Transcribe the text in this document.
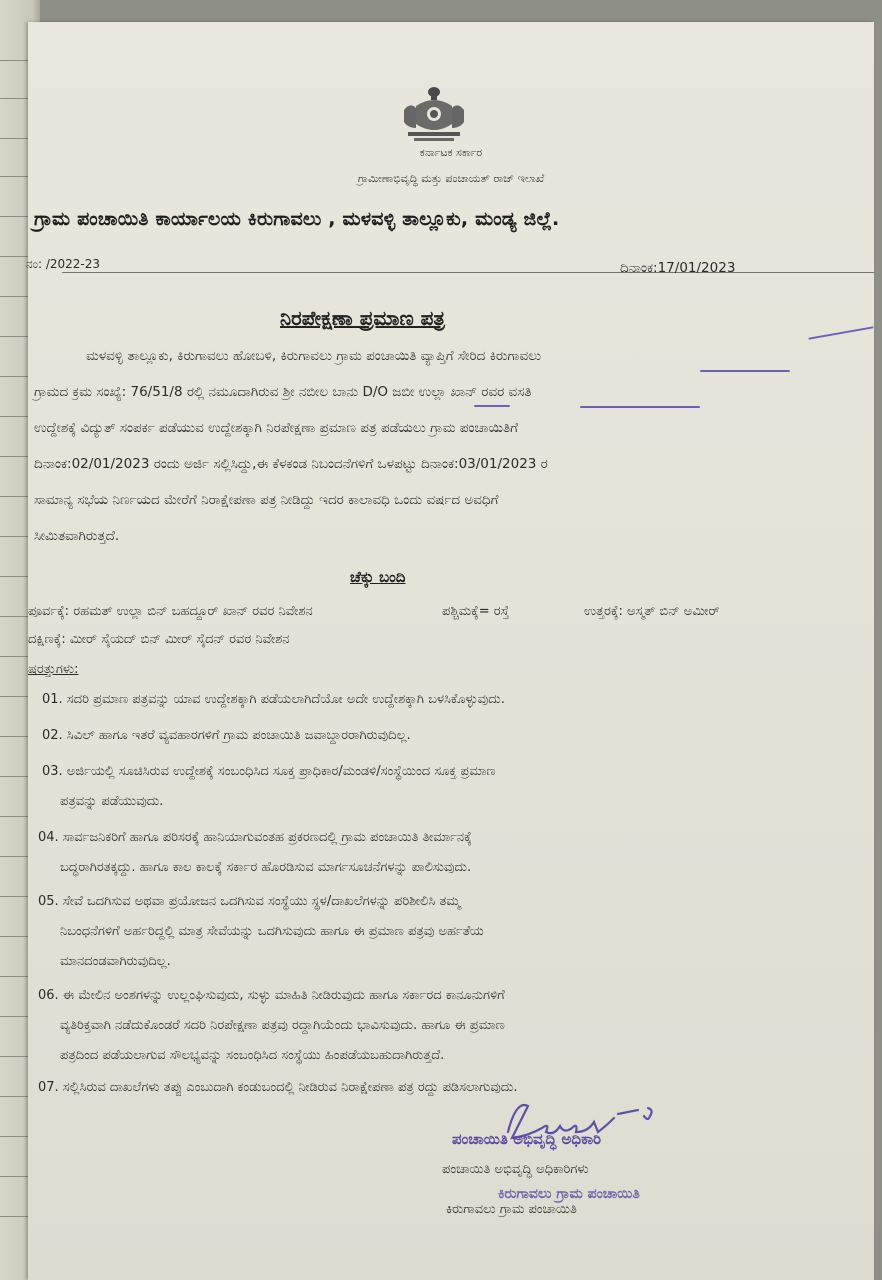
ಕರ್ನಾಟಕ ಸರ್ಕಾರ
ಗ್ರಾಮೀಣಾಭಿವೃದ್ಧಿ ಮತ್ತು ಪಂಚಾಯತ್ ರಾಜ್ ಇಲಾಖೆ
ಗ್ರಾಮ ಪಂಚಾಯಿತಿ ಕಾರ್ಯಾಲಯ ಕಿರುಗಾವಲು , ಮಳವಳ್ಳಿ ತಾಲ್ಲೂಕು, ಮಂಡ್ಯ ಜಿಲ್ಲೆ.
ನಂ: /2022-23	ದಿನಾಂಕ:17/01/2023
ನಿರಪೇಕ್ಷಣಾ ಪ್ರಮಾಣ ಪತ್ರ
ಮಳವಳ್ಳಿ ತಾಲ್ಲೂಕು, ಕಿರುಗಾವಲು ಹೋಬಳಿ, ಕಿರುಗಾವಲು ಗ್ರಾಮ ಪಂಚಾಯಿತಿ ವ್ಯಾಪ್ತಿಗೆ ಸೇರಿದ ಕಿರುಗಾವಲು
ಗ್ರಾಮದ ಕ್ರಮ ಸಂಖ್ಯೆ: 76/51/8 ರಲ್ಲಿ ನಮೂದಾಗಿರುವ ಶ್ರೀ ನಬೀಲ ಬಾನು D/O ಜಬೀ ಉಲ್ಲಾ ಖಾನ್ ರವರ ವಸತಿ
ಉದ್ದೇಶಕ್ಕೆ ವಿದ್ಯುತ್ ಸಂಪರ್ಕ ಪಡೆಯುವ ಉದ್ದೇಶಕ್ಕಾಗಿ ನಿರಪೇಕ್ಷಣಾ ಪ್ರಮಾಣ ಪತ್ರ ಪಡೆಯಲು ಗ್ರಾಮ ಪಂಚಾಯಿತಿಗೆ
ದಿನಾಂಕ:02/01/2023 ರಂದು ಅರ್ಜಿ ಸಲ್ಲಿಸಿದ್ದು,ಈ ಕೆಳಕಂಡ ನಿಬಂದನೆಗಳಿಗೆ ಒಳಪಟ್ಟು ದಿನಾಂಕ:03/01/2023 ರ
ಸಾಮಾನ್ಯ ಸಭೆಯ ನಿರ್ಣಯದ ಮೇರೆಗೆ ನಿರಾಕ್ಷೇಪಣಾ ಪತ್ರ ನೀಡಿದ್ದು ಇದರ ಕಾಲಾವಧಿ ಒಂದು ವರ್ಷದ ಅವಧಿಗೆ
ಸೀಮಿತವಾಗಿರುತ್ತದೆ.
ಚೆಕ್ಕು ಬಂದಿ
ಪೂರ್ವಕ್ಕೆ: ರಹಮತ್ ಉಲ್ಲಾ ಬಿನ್ ಬಹದ್ದೂರ್ ಖಾನ್ ರವರ ನಿವೇಶನ	ಪಶ್ಚಿಮಕ್ಕೆ= ರಸ್ತೆ	ಉತ್ತರಕ್ಕೆ: ಅಸ್ಮತ್ ಬಿನ್ ಅಮೀರ್
ದಕ್ಷಿಣಕ್ಕೆ: ಮೀರ್ ಸೈಯದ್ ಬಿನ್ ಮೀರ್ ಸೈದನ್ ರವರ ನಿವೇಶನ
ಷರತ್ತುಗಳು:
01. ಸದರಿ ಪ್ರಮಾಣ ಪತ್ರವನ್ನು ಯಾವ ಉದ್ದೇಶಕ್ಕಾಗಿ ಪಡೆಯಲಾಗಿದೆಯೋ ಅದೇ ಉದ್ದೇಶಕ್ಕಾಗಿ ಬಳಸಿಕೊಳ್ಳುವುದು.
02. ಸಿವಿಲ್ ಹಾಗೂ ಇತರೆ ವ್ಯವಹಾರಗಳಿಗೆ ಗ್ರಾಮ ಪಂಚಾಯಿತಿ ಜವಾಬ್ದಾರರಾಗಿರುವುದಿಲ್ಲ.
03. ಅರ್ಜಿಯಲ್ಲಿ ಸೂಚಿಸಿರುವ ಉದ್ದೇಶಕ್ಕೆ ಸಂಬಂಧಿಸಿದ ಸೂಕ್ತ ಪ್ರಾಧಿಕಾರ/ಮಂಡಳಿ/ಸಂಸ್ಥೆಯಿಂದ ಸೂಕ್ತ ಪ್ರಮಾಣ
ಪತ್ರವನ್ನು ಪಡೆಯುವುದು.
04. ಸಾರ್ವಜನಿಕರಿಗೆ ಹಾಗೂ ಪರಿಸರಕ್ಕೆ ಹಾನಿಯಾಗುವಂತಹ ಪ್ರಕರಣದಲ್ಲಿ ಗ್ರಾಮ ಪಂಚಾಯಿತಿ ತೀರ್ಮಾನಕ್ಕೆ
ಬದ್ಧರಾಗಿರತಕ್ಕದ್ದು. ಹಾಗೂ ಕಾಲ ಕಾಲಕ್ಕೆ ಸರ್ಕಾರ ಹೊರಡಿಸುವ ಮಾರ್ಗಸೂಚನೆಗಳನ್ನು ಪಾಲಿಸುವುದು.
05. ಸೇವೆ ಒದಗಿಸುವ ಅಥವಾ ಪ್ರಯೋಜನ ಒದಗಿಸುವ ಸಂಸ್ಥೆಯು ಸ್ಥಳ/ದಾಖಲೆಗಳನ್ನು ಪರಿಶೀಲಿಸಿ ತಮ್ಮ
ನಿಬಂಧನೆಗಳಿಗೆ ಅರ್ಹರಿದ್ದಲ್ಲಿ ಮಾತ್ರ ಸೇವೆಯನ್ನು ಒದಗಿಸುವುದು ಹಾಗೂ ಈ ಪ್ರಮಾಣ ಪತ್ರವು ಅರ್ಹತೆಯ
ಮಾನದಂಡವಾಗಿರುವುದಿಲ್ಲ.
06. ಈ ಮೇಲಿನ ಅಂಶಗಳನ್ನು ಉಲ್ಲಂಘಿಸುವುದು, ಸುಳ್ಳು ಮಾಹಿತಿ ನೀಡಿರುವುದು ಹಾಗೂ ಸರ್ಕಾರದ ಕಾನೂನುಗಳಿಗೆ
ವ್ಯತಿರಿಕ್ತವಾಗಿ ನಡೆದುಕೊಂಡರೆ ಸದರಿ ನಿರಪೇಕ್ಷಣಾ ಪತ್ರವು ರದ್ದಾಗಿಯೆಂದು ಭಾವಿಸುವುದು. ಹಾಗೂ ಈ ಪ್ರಮಾಣ
ಪತ್ರದಿಂದ ಪಡೆಯಲಾಗುವ ಸೌಲಭ್ಯವನ್ನು ಸಂಬಂಧಿಸಿದ ಸಂಸ್ಥೆಯು ಹಿಂಪಡೆಯಬಹುದಾಗಿರುತ್ತದೆ.
07. ಸಲ್ಲಿಸಿರುವ ದಾಖಲೆಗಳು ತಪ್ಪು ಎಂಬುದಾಗಿ ಕಂಡುಬಂದಲ್ಲಿ ನೀಡಿರುವ ನಿರಾಕ್ಷೇಪಣಾ ಪತ್ರ ರದ್ದು ಪಡಿಸಲಾಗುವುದು.
ಪಂಚಾಯಿತಿ ಅಭಿವೃದ್ಧಿ ಅಧಿಕಾರಿ
ಕಿರುಗಾವಲು ಗ್ರಾಮ ಪಂಚಾಯಿತಿ
ಪಂಚಾಯಿತಿ ಅಭಿವೃದ್ಧಿ ಅಧಿಕಾರಿಗಳು
ಕಿರುಗಾವಲು ಗ್ರಾಮ ಪಂಚಾಯಿತಿ
